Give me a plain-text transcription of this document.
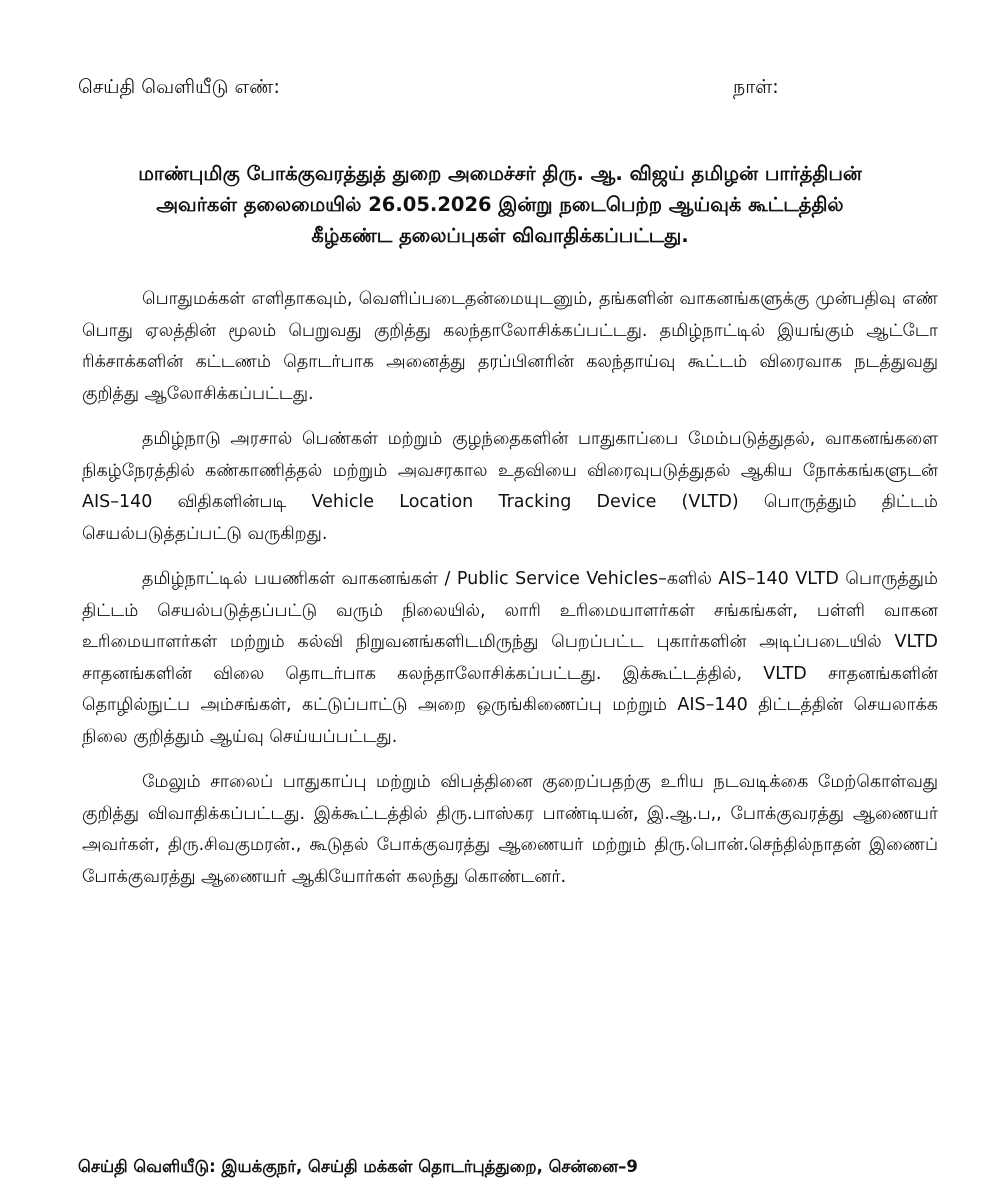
செய்தி வெளியீடு எண்:	நாள்:
மாண்புமிகு போக்குவரத்துத் துறை அமைச்சர் திரு. ஆ. விஜய் தமிழன் பார்த்திபன்
அவர்கள் தலைமையில் 26.05.2026 இன்று நடைபெற்ற ஆய்வுக் கூட்டத்தில்
கீழ்கண்ட தலைப்புகள் விவாதிக்கப்பட்டது.

பொதுமக்கள் எளிதாகவும், வெளிப்படைதன்மையுடனும், தங்களின் வாகனங்களுக்கு முன்பதிவு எண் பொது ஏலத்தின் மூலம் பெறுவது குறித்து கலந்தாலோசிக்கப்பட்டது. தமிழ்நாட்டில் இயங்கும் ஆட்டோ ரிக்சாக்களின் கட்டணம் தொடர்பாக அனைத்து தரப்பினரின் கலந்தாய்வு கூட்டம் விரைவாக நடத்துவது குறித்து ஆலோசிக்கப்பட்டது.

தமிழ்நாடு அரசால் பெண்கள் மற்றும் குழந்தைகளின் பாதுகாப்பை மேம்படுத்துதல், வாகனங்களை நிகழ்நேரத்தில் கண்காணித்தல் மற்றும் அவசரகால உதவியை விரைவுபடுத்துதல் ஆகிய நோக்கங்களுடன் AIS–140 விதிகளின்படி Vehicle Location Tracking Device (VLTD) பொருத்தும் திட்டம் செயல்படுத்தப்பட்டு வருகிறது.

தமிழ்நாட்டில் பயணிகள் வாகனங்கள் / Public Service Vehicles–களில் AIS–140 VLTD பொருத்தும் திட்டம் செயல்படுத்தப்பட்டு வரும் நிலையில், லாரி உரிமையாளர்கள் சங்கங்கள், பள்ளி வாகன உரிமையாளர்கள் மற்றும் கல்வி நிறுவனங்களிடமிருந்து பெறப்பட்ட புகார்களின் அடிப்படையில் VLTD சாதனங்களின் விலை தொடர்பாக கலந்தாலோசிக்கப்பட்டது. இக்கூட்டத்தில், VLTD சாதனங்களின் தொழில்நுட்ப அம்சங்கள், கட்டுப்பாட்டு அறை ஒருங்கிணைப்பு மற்றும் AIS–140 திட்டத்தின் செயலாக்க நிலை குறித்தும் ஆய்வு செய்யப்பட்டது.

மேலும் சாலைப் பாதுகாப்பு மற்றும் விபத்தினை குறைப்பதற்கு உரிய நடவடிக்கை மேற்கொள்வது குறித்து விவாதிக்கப்பட்டது. இக்கூட்டத்தில் திரு.பாஸ்கர பாண்டியன், இ.ஆ.ப,, போக்குவரத்து ஆணையர் அவர்கள், திரு.சிவகுமரன்., கூடுதல் போக்குவரத்து ஆணையர் மற்றும் திரு.பொன்.செந்தில்நாதன் இணைப் போக்குவரத்து ஆணையர் ஆகியோர்கள் கலந்து கொண்டனர்.

செய்தி வெளியீடு: இயக்குநர், செய்தி மக்கள் தொடர்புத்துறை, சென்னை–9
